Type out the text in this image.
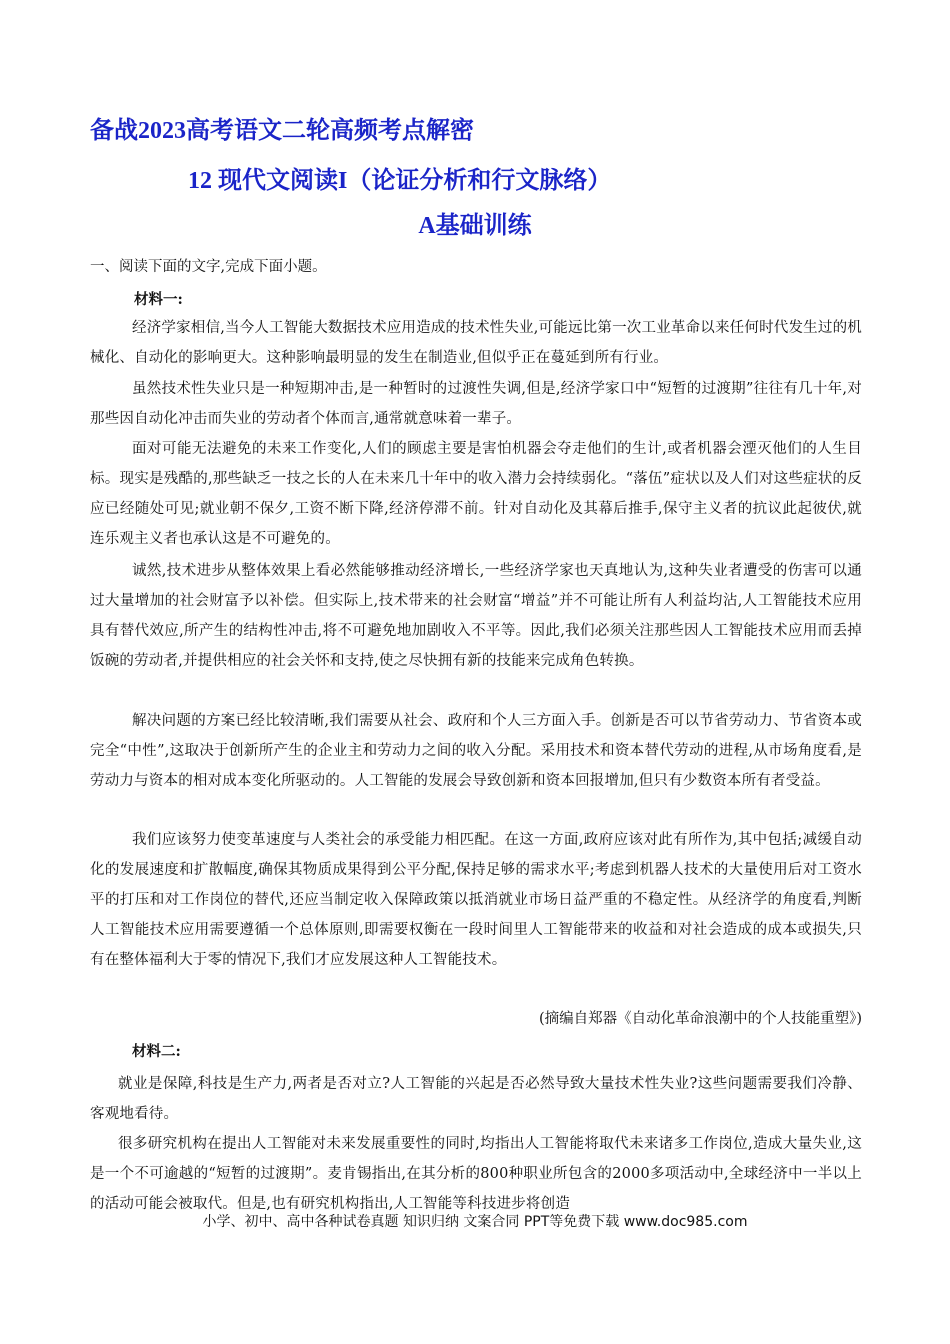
备战2023高考语文二轮高频考点解密
12 现代文阅读I（论证分析和行文脉络）
A基础训练
一、阅读下面的文字,完成下面小题。
材料一:
经济学家相信,当今人工智能大数据技术应用造成的技术性失业,可能远比第一次工业革命以来任何时代发生过的机械化、自动化的影响更大。这种影响最明显的发生在制造业,但似乎正在蔓延到所有行业。
虽然技术性失业只是一种短期冲击,是一种暂时的过渡性失调,但是,经济学家口中“短暂的过渡期”往往有几十年,对那些因自动化冲击而失业的劳动者个体而言,通常就意味着一辈子。
面对可能无法避免的未来工作变化,人们的顾虑主要是害怕机器会夺走他们的生计,或者机器会湮灭他们的人生目标。现实是残酷的,那些缺乏一技之长的人在未来几十年中的收入潜力会持续弱化。“落伍”症状以及人们对这些症状的反应已经随处可见;就业朝不保夕,工资不断下降,经济停滞不前。针对自动化及其幕后推手,保守主义者的抗议此起彼伏,就连乐观主义者也承认这是不可避免的。
诚然,技术进步从整体效果上看必然能够推动经济增长,一些经济学家也天真地认为,这种失业者遭受的伤害可以通过大量增加的社会财富予以补偿。但实际上,技术带来的社会财富“增益”并不可能让所有人利益均沾,人工智能技术应用具有替代效应,所产生的结构性冲击,将不可避免地加剧收入不平等。因此,我们必须关注那些因人工智能技术应用而丢掉饭碗的劳动者,并提供相应的社会关怀和支持,使之尽快拥有新的技能来完成角色转换。
解决问题的方案已经比较清晰,我们需要从社会、政府和个人三方面入手。创新是否可以节省劳动力、节省资本或完全“中性”,这取决于创新所产生的企业主和劳动力之间的收入分配。采用技术和资本替代劳动的进程,从市场角度看,是劳动力与资本的相对成本变化所驱动的。人工智能的发展会导致创新和资本回报增加,但只有少数资本所有者受益。
我们应该努力使变革速度与人类社会的承受能力相匹配。在这一方面,政府应该对此有所作为,其中包括;减缓自动化的发展速度和扩散幅度,确保其物质成果得到公平分配,保持足够的需求水平;考虑到机器人技术的大量使用后对工资水平的打压和对工作岗位的替代,还应当制定收入保障政策以抵消就业市场日益严重的不稳定性。从经济学的角度看,判断人工智能技术应用需要遵循一个总体原则,即需要权衡在一段时间里人工智能带来的收益和对社会造成的成本或损失,只有在整体福利大于零的情况下,我们才应发展这种人工智能技术。
(摘编自郑器《自动化革命浪潮中的个人技能重塑》)
材料二:
就业是保障,科技是生产力,两者是否对立?人工智能的兴起是否必然导致大量技术性失业?这些问题需要我们冷静、客观地看待。
很多研究机构在提出人工智能对未来发展重要性的同时,均指出人工智能将取代未来诸多工作岗位,造成大量失业,这是一个不可逾越的“短暂的过渡期”。麦肯锡指出,在其分析的800种职业所包含的2000多项活动中,全球经济中一半以上的活动可能会被取代。但是,也有研究机构指出,人工智能等科技进步将创造
小学、初中、高中各种试卷真题 知识归纳 文案合同 PPT等免费下载 www.doc985.com
